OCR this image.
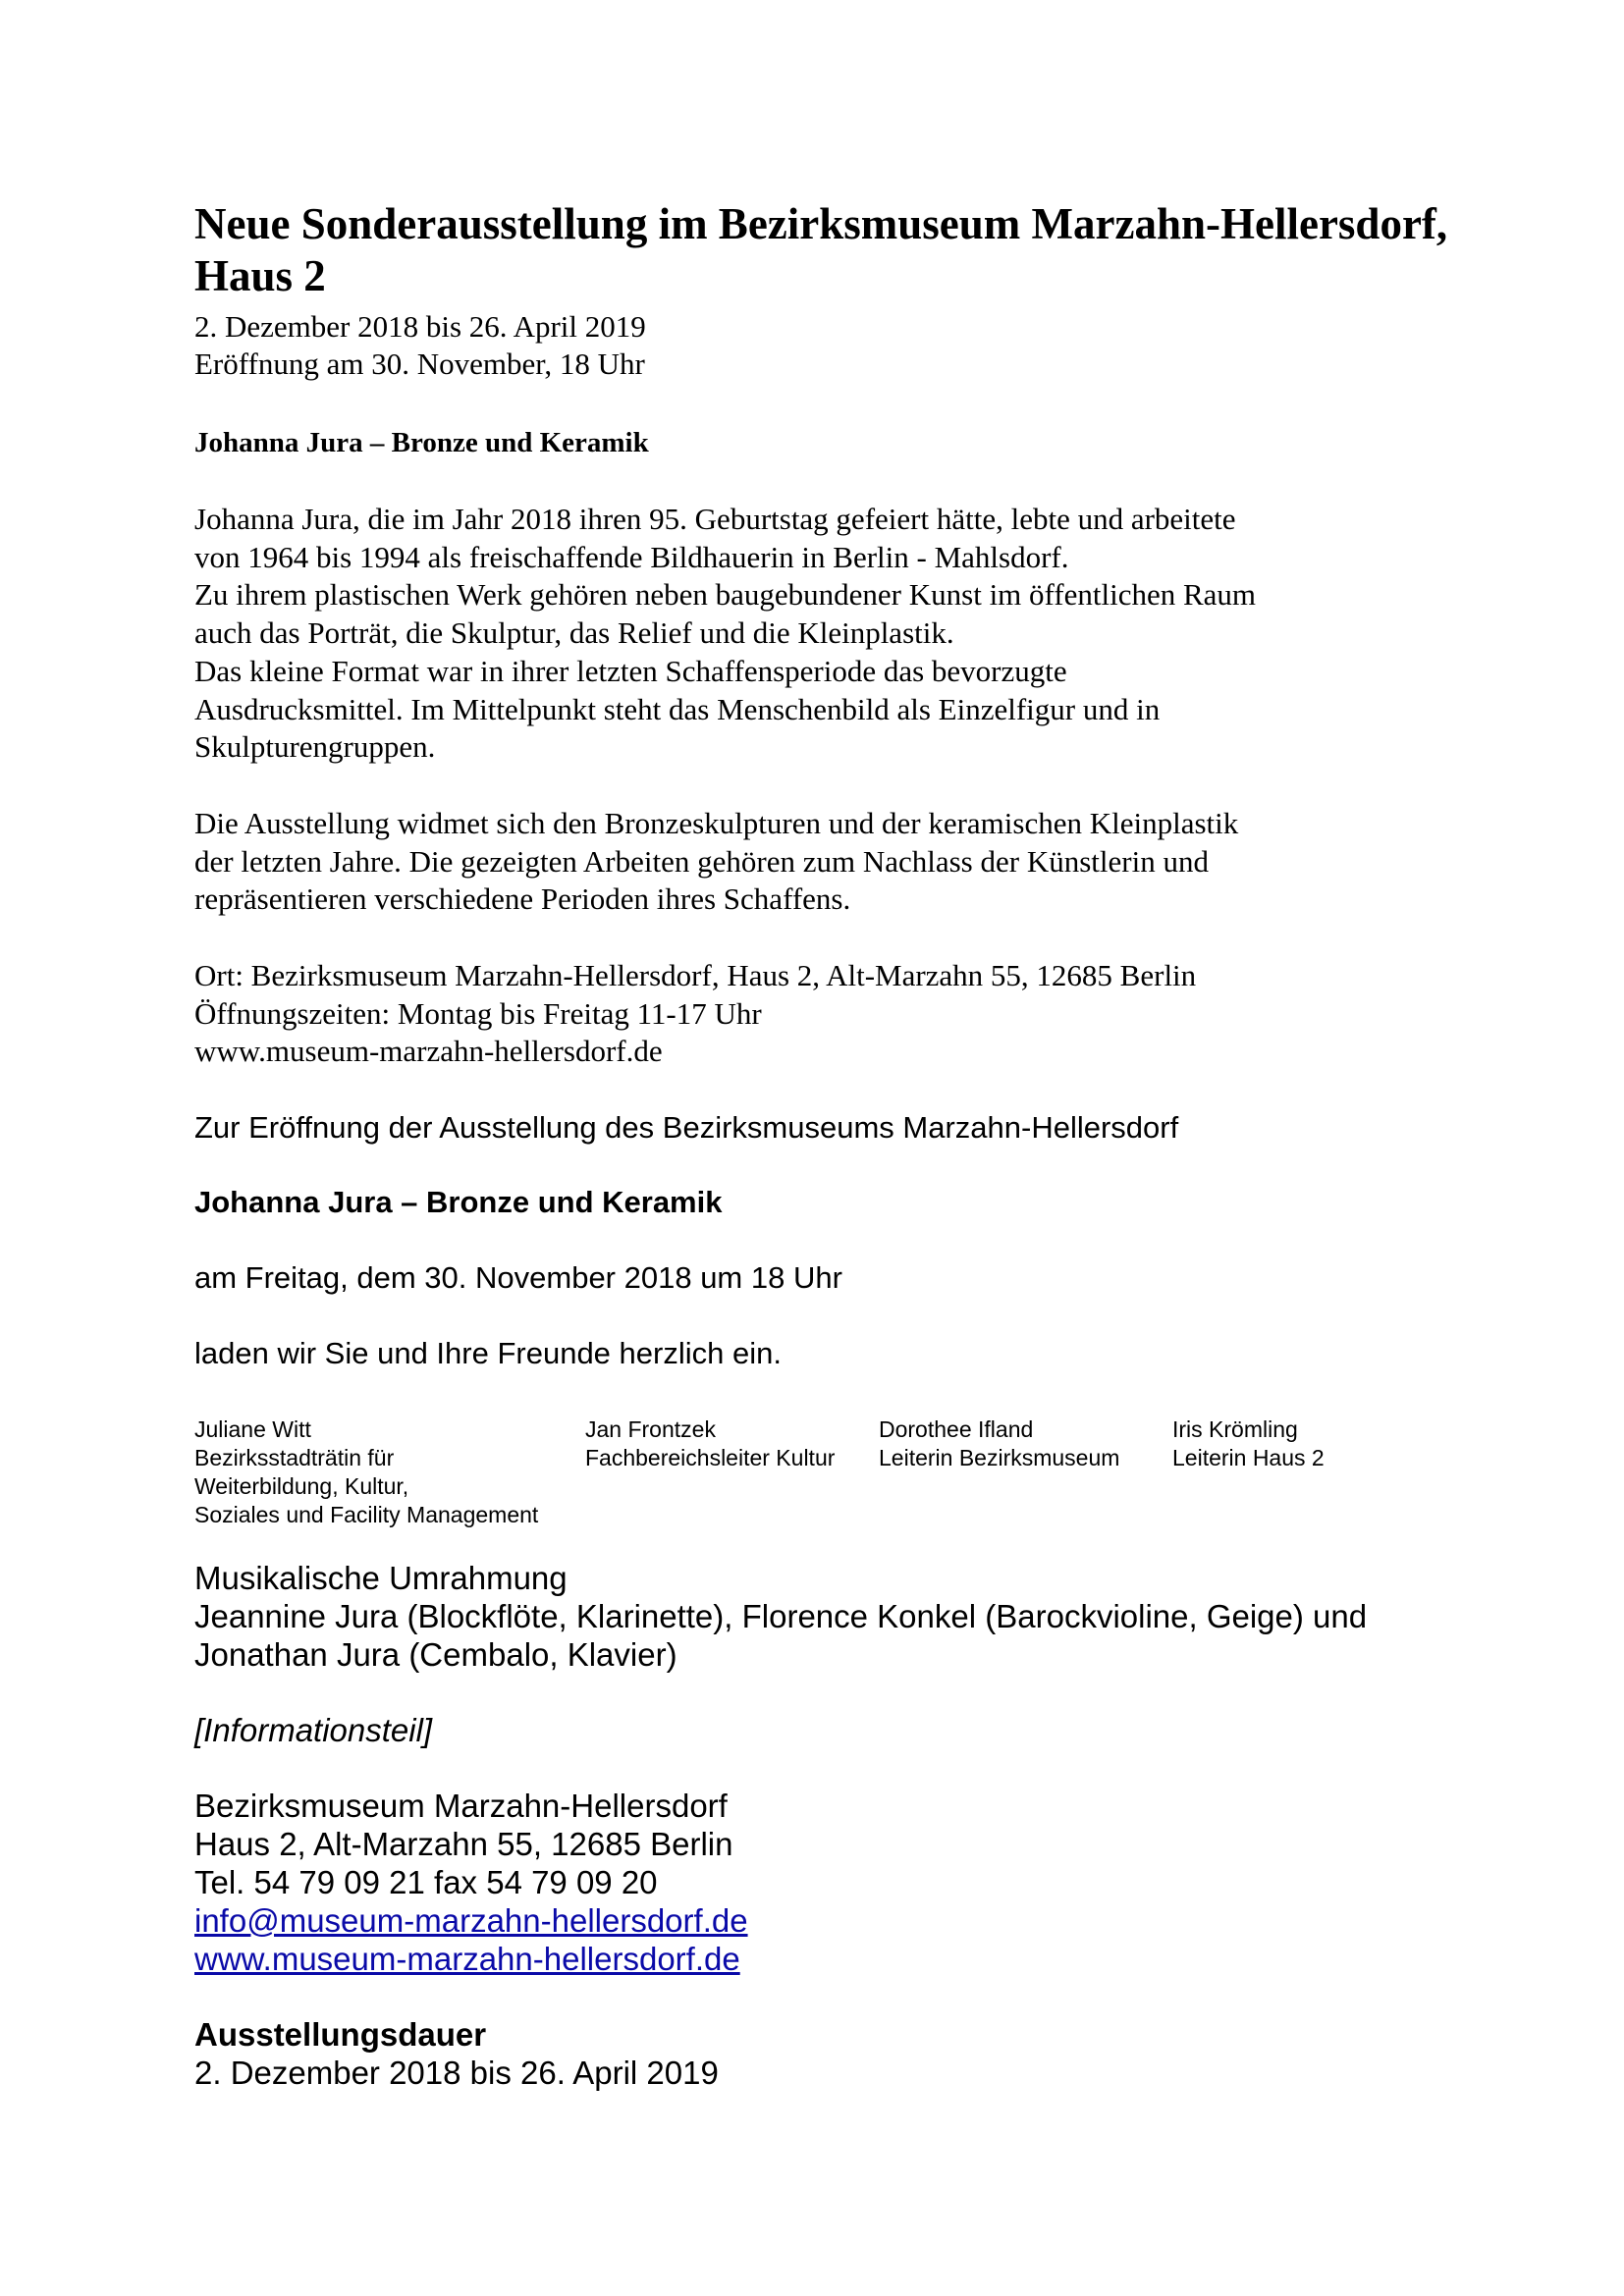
Neue Sonderausstellung im Bezirksmuseum Marzahn-Hellersdorf, Haus 2
2. Dezember 2018 bis 26. April 2019
Eröffnung am 30. November, 18 Uhr
Johanna Jura – Bronze und Keramik
Johanna Jura, die im Jahr 2018 ihren 95. Geburtstag gefeiert hätte, lebte und arbeitete
von 1964 bis 1994 als freischaffende Bildhauerin in Berlin - Mahlsdorf.
Zu ihrem plastischen Werk gehören neben baugebundener Kunst im öffentlichen Raum
auch das Porträt, die Skulptur, das Relief und die Kleinplastik.
Das kleine Format war in ihrer letzten Schaffensperiode das bevorzugte
Ausdrucksmittel. Im Mittelpunkt steht das Menschenbild als Einzelfigur und in
Skulpturengruppen.
Die Ausstellung widmet sich den Bronzeskulpturen und der keramischen Kleinplastik
der letzten Jahre. Die gezeigten Arbeiten gehören zum Nachlass der Künstlerin und
repräsentieren verschiedene Perioden ihres Schaffens.
Ort: Bezirksmuseum Marzahn-Hellersdorf, Haus 2, Alt-Marzahn 55, 12685 Berlin
Öffnungszeiten: Montag bis Freitag 11-17 Uhr
www.museum-marzahn-hellersdorf.de
Zur Eröffnung der Ausstellung des Bezirksmuseums Marzahn-Hellersdorf
Johanna Jura – Bronze und Keramik
am Freitag, dem 30. November 2018 um 18 Uhr
laden wir Sie und Ihre Freunde herzlich ein.
Juliane Witt
Bezirksstadträtin für
Weiterbildung, Kultur,
Soziales und Facility Management
Jan Frontzek
Fachbereichsleiter Kultur
Dorothee Ifland
Leiterin Bezirksmuseum
Iris Krömling
Leiterin Haus 2
Musikalische Umrahmung
Jeannine Jura (Blockflöte, Klarinette), Florence Konkel (Barockvioline, Geige) und
Jonathan Jura (Cembalo, Klavier)
[Informationsteil]
Bezirksmuseum Marzahn-Hellersdorf
Haus 2, Alt-Marzahn 55, 12685 Berlin
Tel. 54 79 09 21 fax 54 79 09 20
info@museum-marzahn-hellersdorf.de
www.museum-marzahn-hellersdorf.de
Ausstellungsdauer
2. Dezember 2018 bis 26. April 2019
